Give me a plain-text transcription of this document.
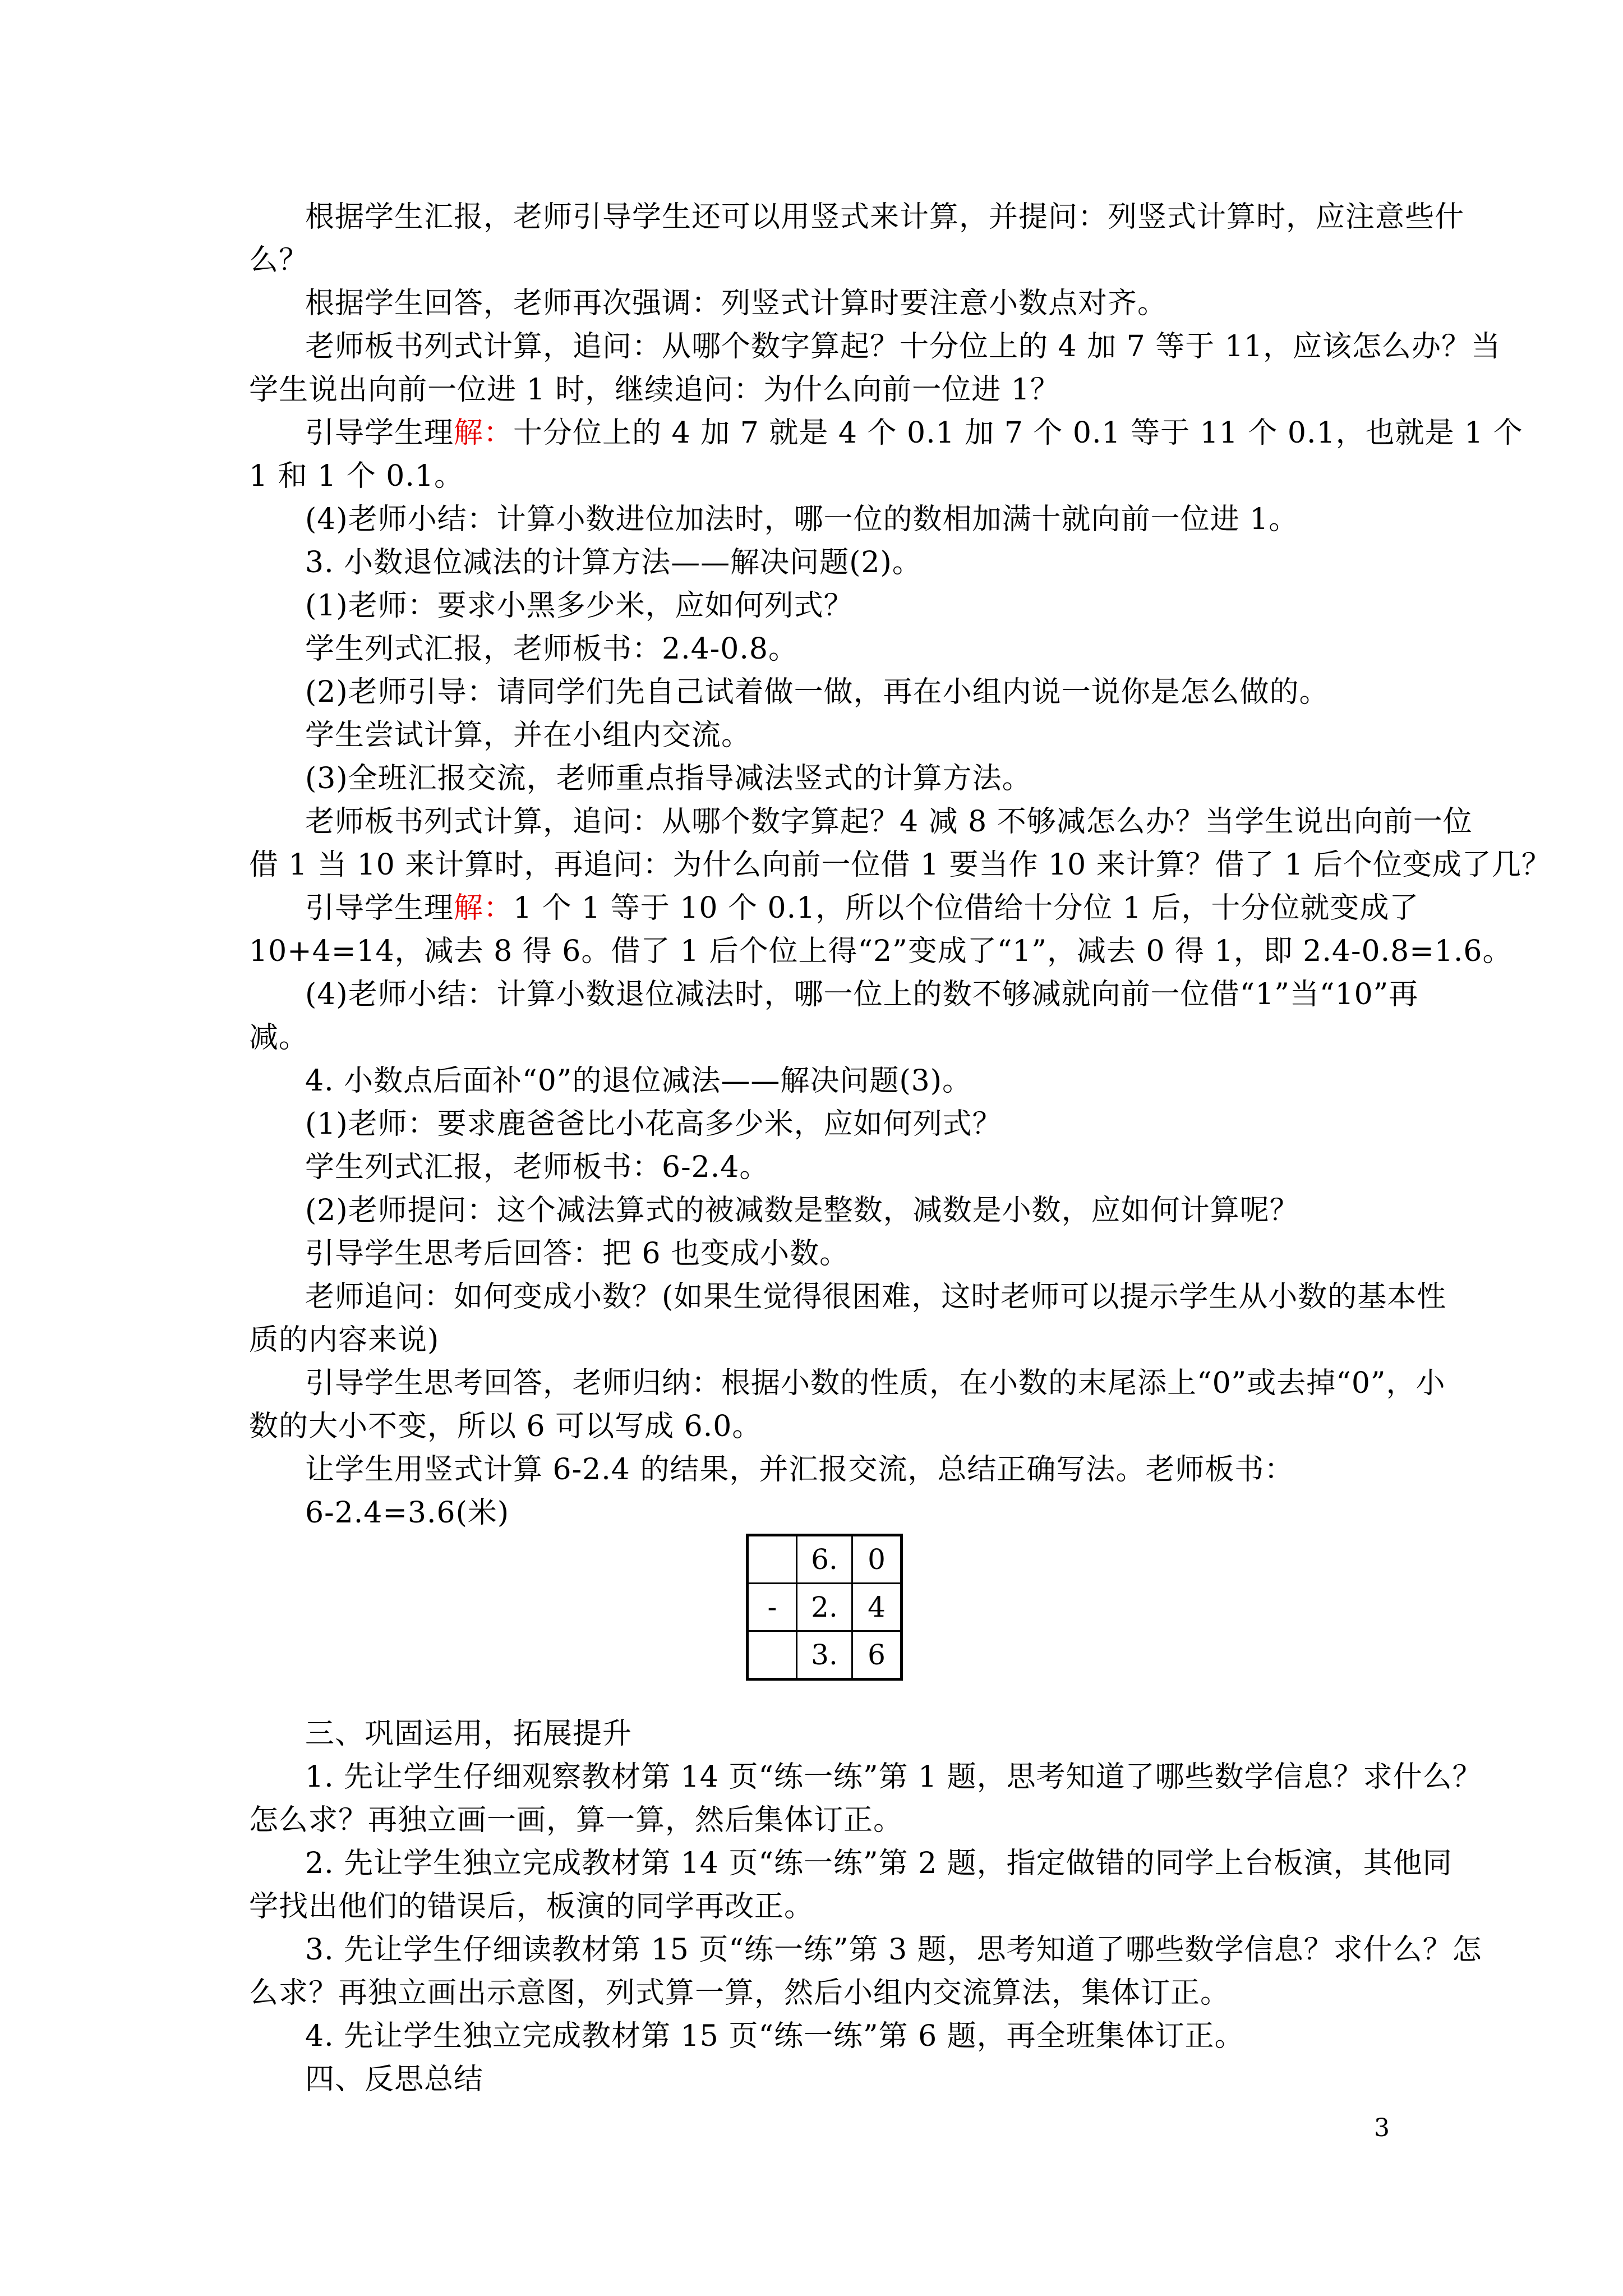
根据学生汇报，老师引导学生还可以用竖式来计算，并提问：列竖式计算时，应注意些什
么？
根据学生回答，老师再次强调：列竖式计算时要注意小数点对齐。
老师板书列式计算，追问：从哪个数字算起？十分位上的 4 加 7 等于 11，应该怎么办？当
学生说出向前一位进 1 时，继续追问：为什么向前一位进 1？
引导学生理解：十分位上的 4 加 7 就是 4 个 0.1 加 7 个 0.1 等于 11 个 0.1，也就是 1 个
1 和 1 个 0.1。
(4)老师小结：计算小数进位加法时，哪一位的数相加满十就向前一位进 1。
3. 小数退位减法的计算方法——解决问题(2)。
(1)老师：要求小黑多少米，应如何列式？
学生列式汇报，老师板书：2.4-0.8。
(2)老师引导：请同学们先自己试着做一做，再在小组内说一说你是怎么做的。
学生尝试计算，并在小组内交流。
(3)全班汇报交流，老师重点指导减法竖式的计算方法。
老师板书列式计算，追问：从哪个数字算起？4 减 8 不够减怎么办？当学生说出向前一位
借 1 当 10 来计算时，再追问：为什么向前一位借 1 要当作 10 来计算？借了 1 后个位变成了几？
引导学生理解：1 个 1 等于 10 个 0.1，所以个位借给十分位 1 后，十分位就变成了
10+4=14，减去 8 得 6。借了 1 后个位上得“2”变成了“1”，减去 0 得 1，即 2.4-0.8=1.6。
(4)老师小结：计算小数退位减法时，哪一位上的数不够减就向前一位借“1”当“10”再
减。
4. 小数点后面补“0”的退位减法——解决问题(3)。
(1)老师：要求鹿爸爸比小花高多少米，应如何列式？
学生列式汇报，老师板书：6-2.4。
(2)老师提问：这个减法算式的被减数是整数，减数是小数，应如何计算呢？
引导学生思考后回答：把 6 也变成小数。
老师追问：如何变成小数？(如果生觉得很困难，这时老师可以提示学生从小数的基本性
质的内容来说)
引导学生思考回答，老师归纳：根据小数的性质，在小数的末尾添上“0”或去掉“0”，小
数的大小不变，所以 6 可以写成 6.0。
让学生用竖式计算 6-2.4 的结果，并汇报交流，总结正确写法。老师板书：
6-2.4=3.6(米)
	6.	0
-	2.	4
	3.	6
三、巩固运用，拓展提升
1. 先让学生仔细观察教材第 14 页“练一练”第 1 题，思考知道了哪些数学信息？求什么？
怎么求？再独立画一画，算一算，然后集体订正。
2. 先让学生独立完成教材第 14 页“练一练”第 2 题，指定做错的同学上台板演，其他同
学找出他们的错误后，板演的同学再改正。
3. 先让学生仔细读教材第 15 页“练一练”第 3 题，思考知道了哪些数学信息？求什么？怎
么求？再独立画出示意图，列式算一算，然后小组内交流算法，集体订正。
4. 先让学生独立完成教材第 15 页“练一练”第 6 题，再全班集体订正。
四、反思总结
3
